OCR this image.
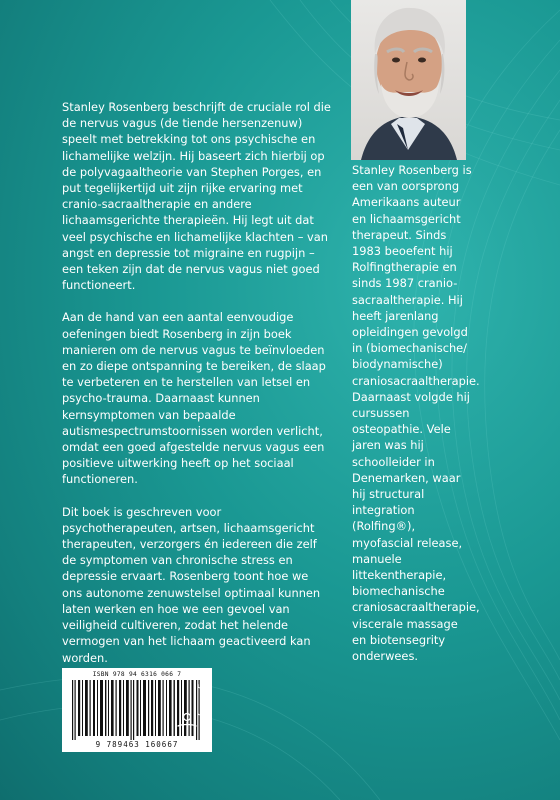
Stanley Rosenberg beschrijft de cruciale rol die de nervus vagus (de tiende hersenzenuw) speelt met betrekking tot ons psychische en lichamelijke welzijn. Hij baseert zich hierbij op de polyvagaaltheorie van Stephen Porges, en put tegelijkertijd uit zijn rijke ervaring met cranio-sacraaltherapie en andere lichaamsgerichte therapieën. Hij legt uit dat veel psychische en lichamelijke klachten – van angst en depressie tot migraine en rugpijn – een teken zijn dat de nervus vagus niet goed functioneert.

Aan de hand van een aantal eenvoudige oefeningen biedt Rosenberg in zijn boek manieren om de nervus vagus te beïnvloeden en zo diepe ontspanning te bereiken, de slaap te verbeteren en te herstellen van letsel en psycho-trauma. Daarnaast kunnen kernsymptomen van bepaalde autismespectrumstoornissen worden verlicht, omdat een goed afgestelde nervus vagus een positieve uitwerking heeft op het sociaal functioneren.

Dit boek is geschreven voor psychotherapeuten, artsen, lichaamsgericht therapeuten, verzorgers én iedereen die zelf de symptomen van chronische stress en depressie ervaart. Rosenberg toont hoe we ons autonome zenuwstelsel optimaal kunnen laten werken en hoe we een gevoel van veiligheid cultiveren, zodat het helende vermogen van het lichaam geactiveerd kan worden.

Stanley Rosenberg is een van oorsprong Amerikaans auteur en lichaamsgericht therapeut. Sinds 1983 beoefent hij Rolfingtherapie en sinds 1987 cranio-sacraaltherapie. Hij heeft jarenlang opleidingen gevolgd in (biomechanische/ biodynamische) craniosacraaltherapie. Daarnaast volgde hij cursussen osteopathie. Vele jaren was hij schoolleider in Denemarken, waar hij structural integration (Rolfing®), myofascial release, manuele littekentherapie, biomechanische craniosacraaltherapie, viscerale massage en biotensegrity onderwees.
ISBN 978 94 6316 066 7
9 789463 160667	Uitgeverij Mens!
